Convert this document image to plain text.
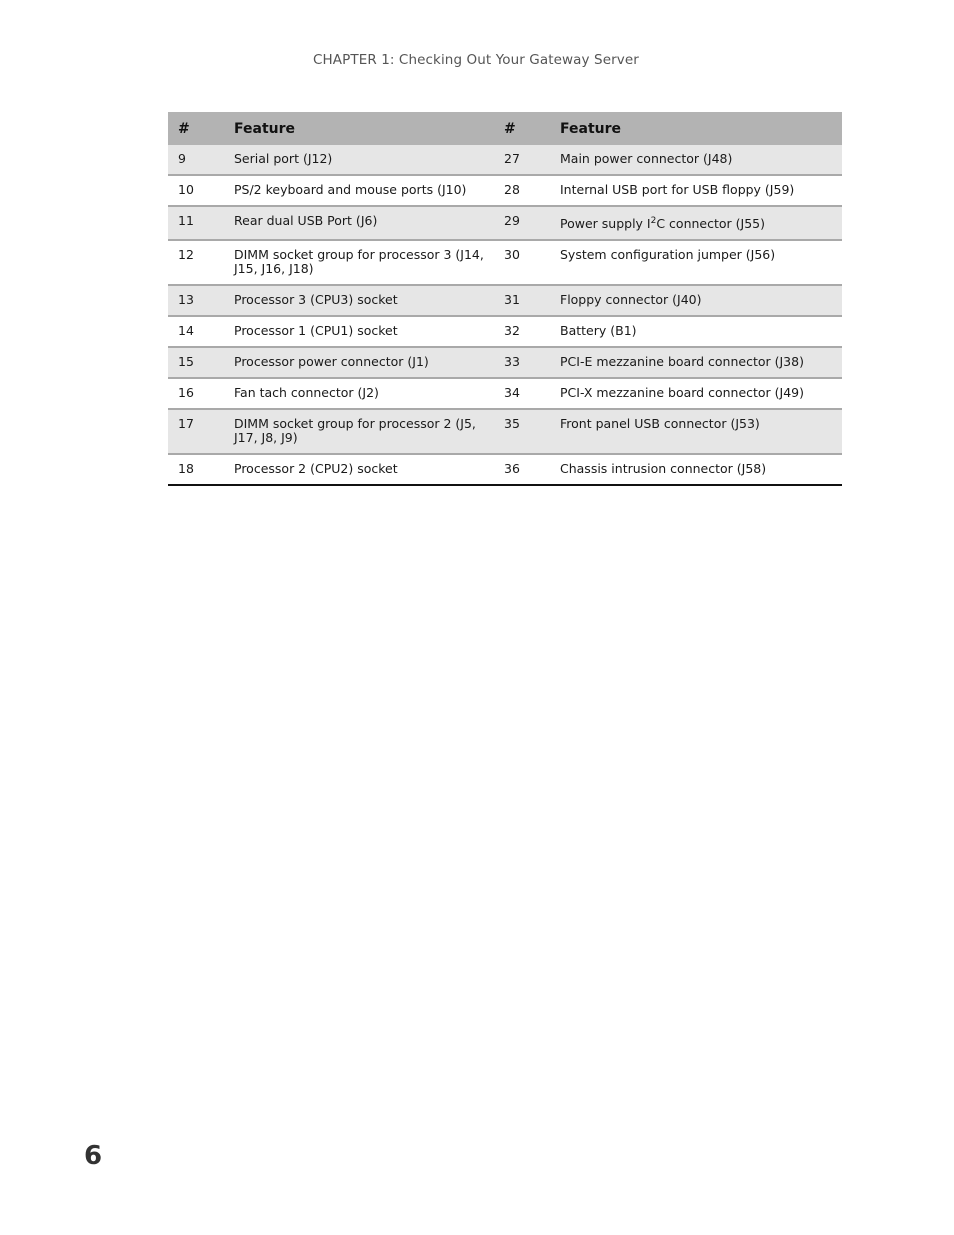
CHAPTER 1: Checking Out Your Gateway Server
#	Feature	#	Feature
9	Serial port (J12)	27	Main power connector (J48)
10	PS/2 keyboard and mouse ports (J10)	28	Internal USB port for USB floppy (J59)
11	Rear dual USB Port (J6)	29	Power supply $I^2C$ connector (J55)
12	DIMM socket group for processor 3 (J14, J15, J16, J18)	30	System configuration jumper (J56)
13	Processor 3 (CPU3) socket	31	Floppy connector (J40)
14	Processor 1 (CPU1) socket	32	Battery (B1)
15	Processor power connector (J1)	33	PCI-E mezzanine board connector (J38)
16	Fan tach connector (J2)	34	PCI-X mezzanine board connector (J49)
17	DIMM socket group for processor 2 (J5, J17, J8, J9)	35	Front panel USB connector (J53)
18	Processor 2 (CPU2) socket	36	Chassis intrusion connector (J58)
6
